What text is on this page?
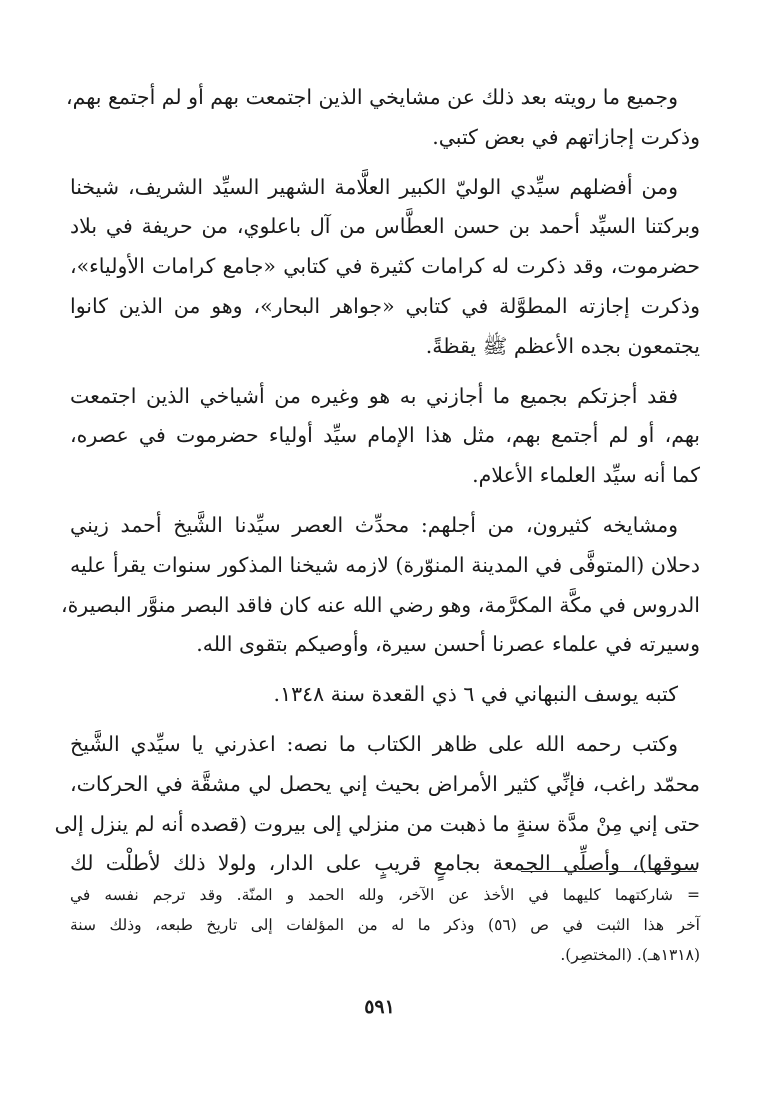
وجميع ما رويته بعد ذلك عن مشايخي الذين اجتمعت بهم أو لم أجتمع بهم،
وذكرت إجازاتهم في بعض كتبي.

ومن أفضلهم سيِّدي الوليّ الكبير العلَّامة الشهير السيِّد الشريف، شيخنا
وبركتنا السيِّد أحمد بن حسن العطَّاس من آل باعلوي، من حريفة في بلاد
حضرموت، وقد ذكرت له كرامات كثيرة في كتابي «جامع كرامات الأولياء»،
وذكرت إجازته المطوَّلة في كتابي «جواهر البحار»، وهو من الذين كانوا
يجتمعون بجده الأعظم ﷺ يقظةً.

فقد أجزتكم بجميع ما أجازني به هو وغيره من أشياخي الذين اجتمعت
بهم، أو لم أجتمع بهم، مثل هذا الإمام سيِّد أولياء حضرموت في عصره،
كما أنه سيِّد العلماء الأعلام.

ومشايخه كثيرون، من أجلهم: محدِّث العصر سيِّدنا الشَّيخ أحمد زيني
دحلان (المتوفَّى في المدينة المنوّرة) لازمه شيخنا المذكور سنوات يقرأ عليه
الدروس في مكَّة المكرَّمة، وهو رضي الله عنه كان فاقد البصر منوَّر البصيرة،
وسيرته في علماء عصرنا أحسن سيرة، وأوصيكم بتقوى الله.

كتبه يوسف النبهاني في ٦ ذي القعدة سنة ١٣٤٨.

وكتب رحمه الله على ظاهر الكتاب ما نصه: اعذرني يا سيِّدي الشَّيخ
محمّد راغب، فإنِّي كثير الأمراض بحيث إني يحصل لي مشقَّة في الحركات،
حتى إني مِنْ مدَّة سنةٍ ما ذهبت من منزلي إلى بيروت (قصده أنه لم ينزل إلى
سوقها)، وأصلِّي الجمعة بجامعٍ قريبٍ على الدار، ولولا ذلك لأطلْت لك

= شاركتهما كليهما في الأخذ عن الآخر، ولله الحمد و المنّة. وقد ترجم نفسه في
آخر هذا الثبت في ص (٥٦) وذكر ما له من المؤلفات إلى تاريخ طبعه، وذلك سنة
(١٣١٨هـ). (المختصِر).
٥٩١
